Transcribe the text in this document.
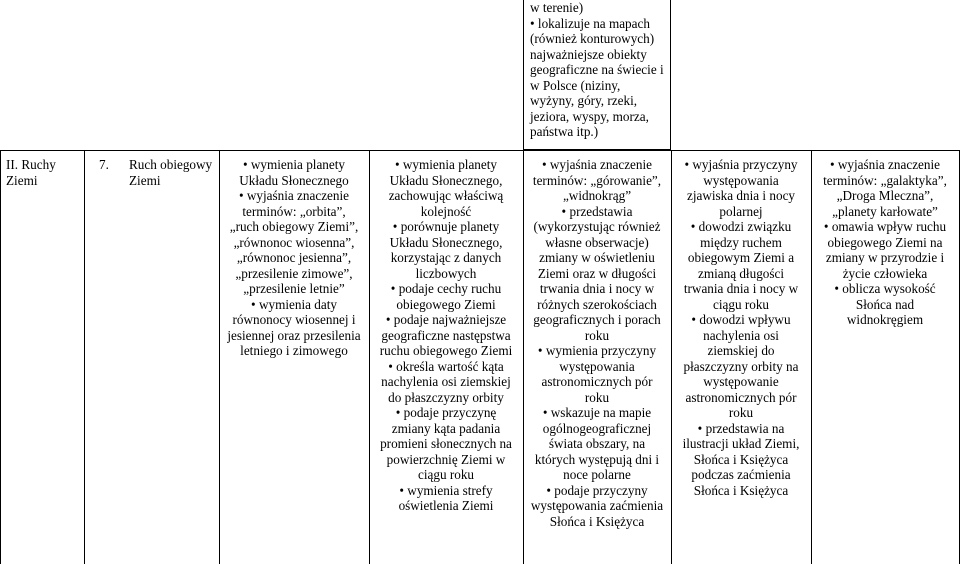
w terenie)
• lokalizuje na mapach
(również konturowych)
najważniejsze obiekty
geograficzne na świecie i
w Polsce (niziny,
wyżyny, góry, rzeki,
jeziora, wyspy, morza,
państwa itp.)
II. Ruchy
Ziemi
7. Ruch obiegowy
Ziemi
• wymienia planety
Układu Słonecznego
• wyjaśnia znaczenie
terminów: „orbita”,
„ruch obiegowy Ziemi”,
„równonoc wiosenna”,
„równonoc jesienna”,
„przesilenie zimowe”,
„przesilenie letnie”
• wymienia daty
równonocy wiosennej i
jesiennej oraz przesilenia
letniego i zimowego
• wymienia planety
Układu Słonecznego,
zachowując właściwą
kolejność
• porównuje planety
Układu Słonecznego,
korzystając z danych
liczbowych
• podaje cechy ruchu
obiegowego Ziemi
• podaje najważniejsze
geograficzne następstwa
ruchu obiegowego Ziemi
• określa wartość kąta
nachylenia osi ziemskiej
do płaszczyzny orbity
• podaje przyczynę
zmiany kąta padania
promieni słonecznych na
powierzchnię Ziemi w
ciągu roku
• wymienia strefy
oświetlenia Ziemi
• wyjaśnia znaczenie
terminów: „górowanie”,
„widnokrąg”
• przedstawia
(wykorzystując również
własne obserwacje)
zmiany w oświetleniu
Ziemi oraz w długości
trwania dnia i nocy w
różnych szerokościach
geograficznych i porach
roku
• wymienia przyczyny
występowania
astronomicznych pór
roku
• wskazuje na mapie
ogólnogeograficznej
świata obszary, na
których występują dni i
noce polarne
• podaje przyczyny
występowania zaćmienia
Słońca i Księżyca
• wyjaśnia przyczyny
występowania
zjawiska dnia i nocy
polarnej
• dowodzi związku
między ruchem
obiegowym Ziemi a
zmianą długości
trwania dnia i nocy w
ciągu roku
• dowodzi wpływu
nachylenia osi
ziemskiej do
płaszczyzny orbity na
występowanie
astronomicznych pór
roku
• przedstawia na
ilustracji układ Ziemi,
Słońca i Księżyca
podczas zaćmienia
Słońca i Księżyca
• wyjaśnia znaczenie
terminów: „galaktyka”,
„Droga Mleczna”,
„planety karłowate”
• omawia wpływ ruchu
obiegowego Ziemi na
zmiany w przyrodzie i
życie człowieka
• oblicza wysokość
Słońca nad
widnokręgiem
